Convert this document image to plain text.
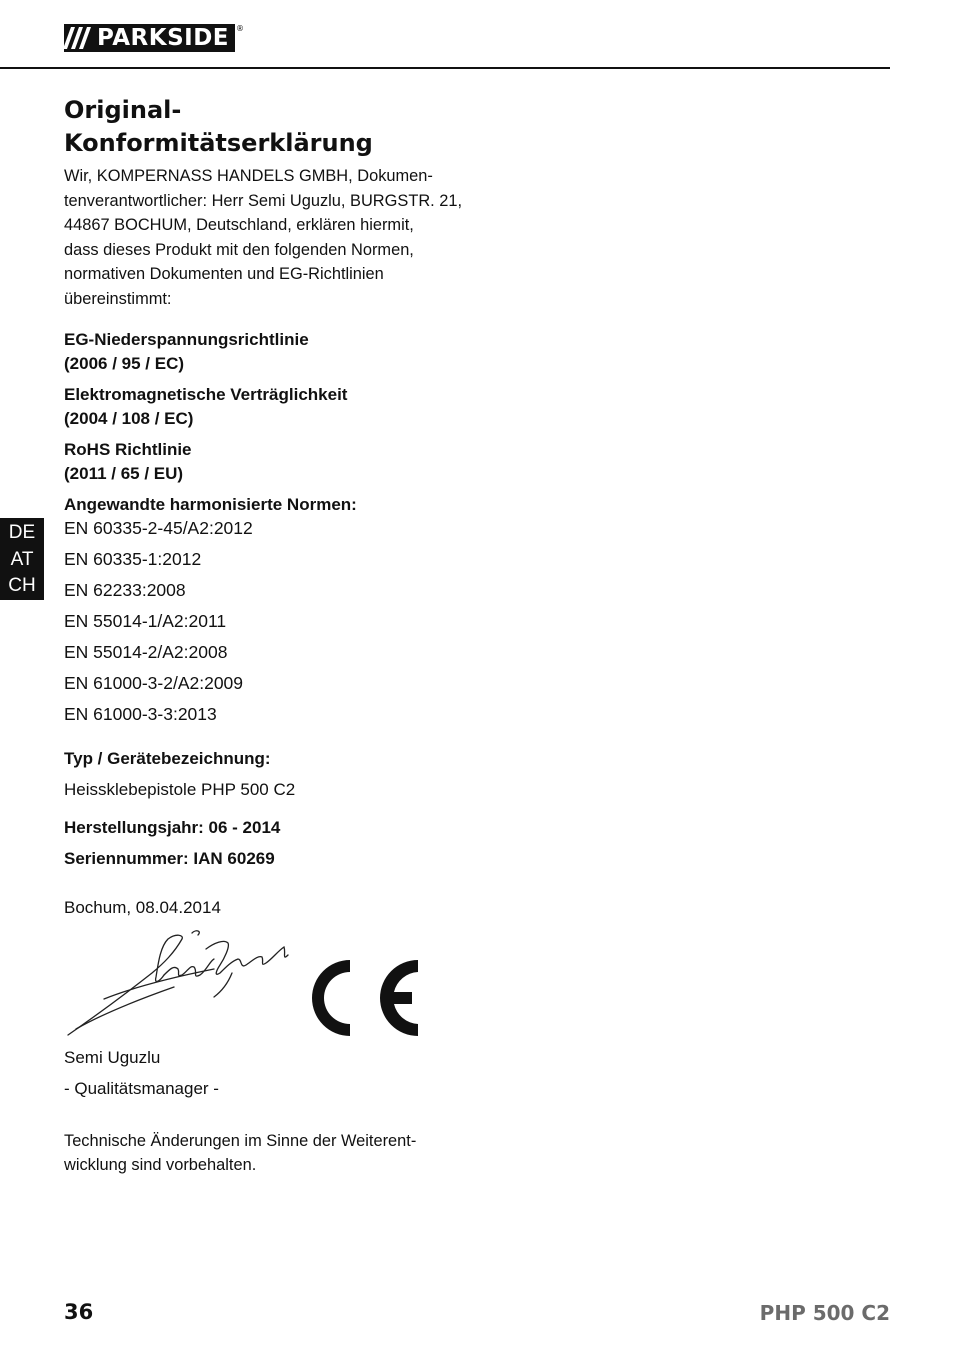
PARKSIDE ®
DE
AT
CH
Original-
Konformitätserklärung
Wir, KOMPERNASS HANDELS GMBH, Dokumen-
tenverantwortlicher: Herr Semi Uguzlu, BURGSTR. 21,
44867 BOCHUM, Deutschland, erklären hiermit,
dass dieses Produkt mit den folgenden Normen,
normativen Dokumenten und EG-Richtlinien
übereinstimmt:
EG-Niederspannungsrichtlinie
(2006 / 95 / EC)
Elektromagnetische Verträglichkeit
(2004 / 108 / EC)
RoHS Richtlinie
(2011 / 65 / EU)
Angewandte harmonisierte Normen:
EN 60335-2-45/A2:2012
EN 60335-1:2012
EN 62233:2008
EN 55014-1/A2:2011
EN 55014-2/A2:2008
EN 61000-3-2/A2:2009
EN 61000-3-3:2013
Typ / Gerätebezeichnung:
Heissklebepistole PHP 500 C2
Herstellungsjahr: 06 - 2014
Seriennummer: IAN 60269
Bochum, 08.04.2014
Semi Uguzlu
- Qualitätsmanager -
Technische Änderungen im Sinne der Weiterent-
wicklung sind vorbehalten.
36	PHP 500 C2
